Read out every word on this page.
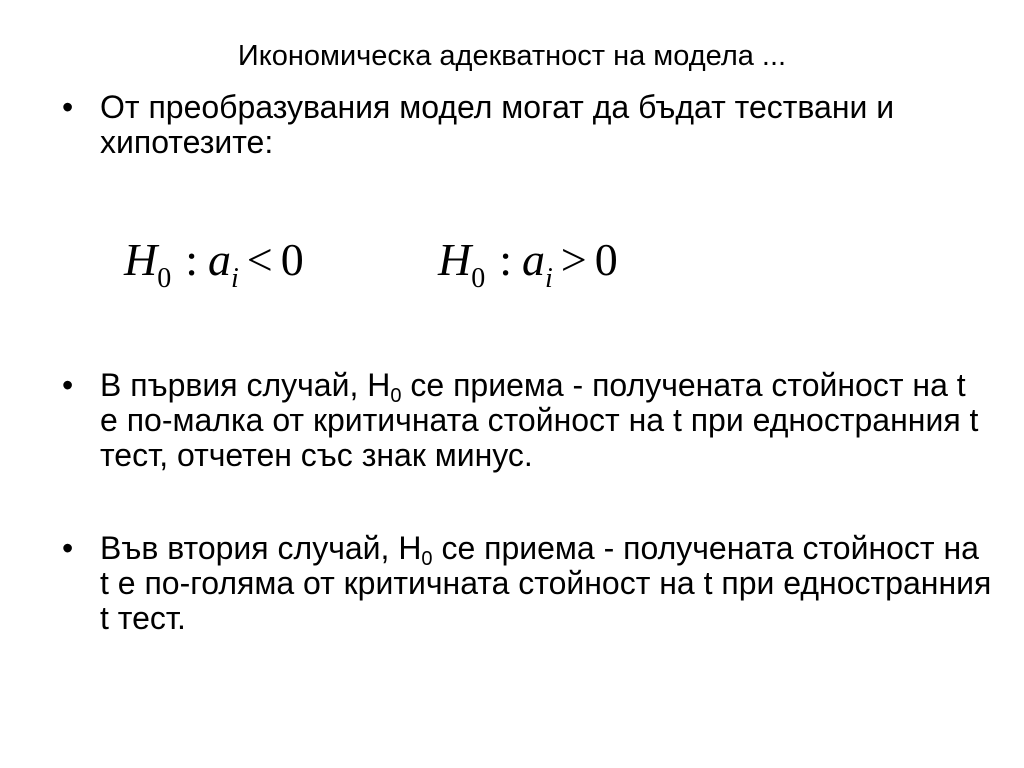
Икономическа адекватност на модела ...
• От преобразувания модел могат да бъдат тествани и хипотезите:
$H_0$ : $a_i < 0$	$H_0$ : $a_i > 0$
• В първия случай, $H_0$ се приема - получената стойност на t е по-малка от критичната стойност на t при едностранния t тест, отчетен със знак минус.
• Във втория случай, $H_0$ се приема - получената стойност на t е по-голяма от критичната стойност на t при едностранния t тест.
